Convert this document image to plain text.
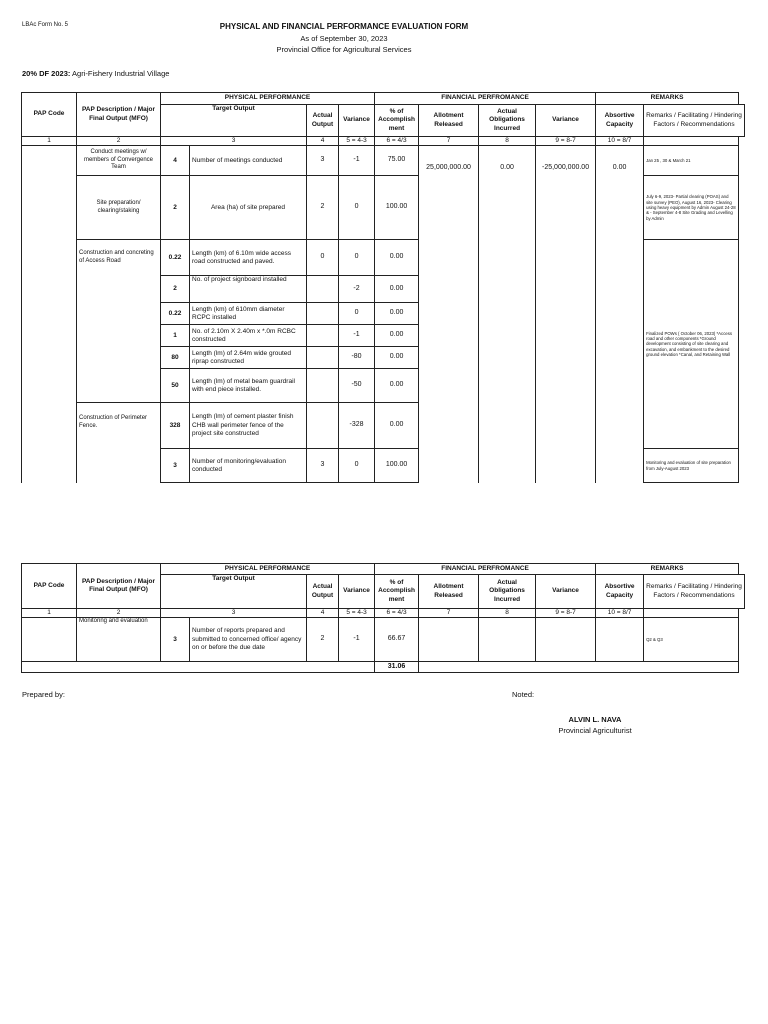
LBAc Form No. 5	PHYSICAL AND FINANCIAL PERFORMANCE EVALUATION FORM
As of September 30, 2023
Provincial Office for Agricultural Services
20% DF 2023: Agri-Fishery Industrial Village
PAP Code	PAP Description / Major Final Output (MFO)	PHYSICAL PERFORMANCE				FINANCIAL PERFROMANCE				REMARKS	
		Target Output		Actual Output	Variance	% of Accomplish ment	Allotment Released	Actual Obligations Incurred	Variance	Absortive Capacity	Remarks / Facilitating / Hindering Factors / Recommendations
1	2	3		4	5 = 4-3	6 = 4/3	7	8	9 = 8-7	10 = 8/7	
	Conduct meetings w/ members of Convergence Team	4	Number of meetings conducted	3	-1	75.00	25,000,000.00	0.00	-25,000,000.00	0.00	Jan 25 , 30 & March 21
	Site preparation/ clearing/staking	2	Area (ha) of site prepared	2	0	100.00					July 6-9, 2023- Partial clearing (POAS) and site survey (PEO), August 16, 2023- Clearing using heavy equipment by Admin August 24-28 & - September 4-8 Site Grading and Levelling by Admin
	Construction and concreting of Access Road	0.22	Length (km) of 6.10m wide access road constructed and paved.	0	0	0.00					Finalized POWs ( October 06, 2023) *Access road and other components *Ground development consisting of site clearing and excavation, and embankment to the desired ground elevation *Canal, and Retaining Wall
		2	No. of project signboard installed		-2	0.00					
		0.22	Length (km) of 610mm diameter RCPC installed		0	0.00					
		1	No. of 2.10m X 2.40m x *.0m RCBC constructed		-1	0.00					
		80	Length (lm) of 2.64m wide grouted riprap constructed		-80	0.00					
		50	Length (lm) of metal beam guardrail with end piece installed.		-50	0.00					
	Construction of Perimeter Fence.	328	Length (lm) of cement plaster finish CHB wall perimeter fence of the project site constructed		-328	0.00					
		3	Number of monitoring/evaluation conducted	3	0	100.00					Monitoring and evaluation of site preparation from July-August 2023
PAP Code	PAP Description / Major Final Output (MFO)	PHYSICAL PERFORMANCE				FINANCIAL PERFROMANCE				REMARKS	
		Target Output		Actual Output	Variance	% of Accomplish ment	Allotment Released	Actual Obligations Incurred	Variance	Absortive Capacity	Remarks / Facilitating / Hindering Factors / Recommendations
1	2	3		4	5 = 4-3	6 = 4/3	7	8	9 = 8-7	10 = 8/7	
	Monitoring and evaluation	3	Number of reports prepared and submitted to concerned office/ agency on or before the due date	2	-1	66.67					Q2 & Q3
						31.06					
Prepared by:	Noted:
ALVIN L. NAVA
Provincial Agriculturist
